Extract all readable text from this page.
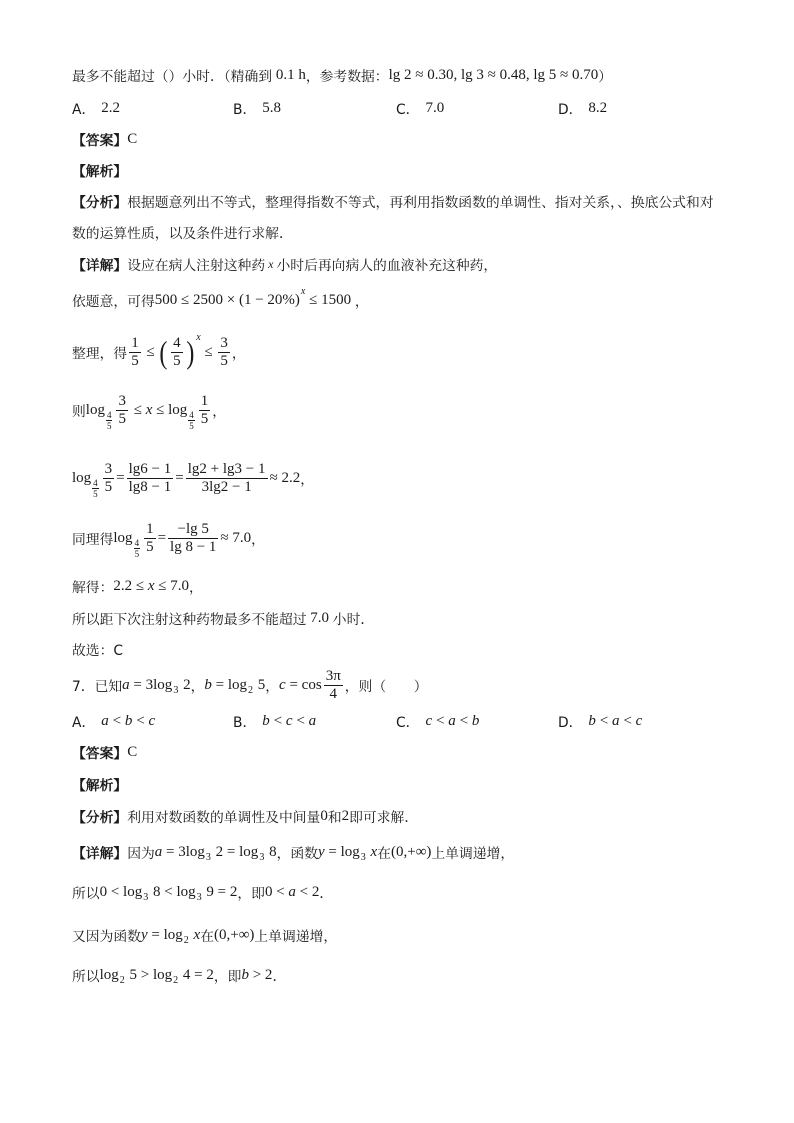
最多不能超过（）小时．（精确到 0.1 h ，参考数据： lg 2 ≈ 0.30, lg 3 ≈ 0.48, lg 5 ≈ 0.70 ）
A． 2.2	B． 5.8	C． 7.0	D． 8.2
【答案】 C
【解析】
【分析】 根据题意列出不等式，整理得指数不等式，再利用指数函数的单调性、指对关系，、换底公式和对
数的运算性质，以及条件进行求解．
【详解】 设应在病人注射这种药 x 小时后再向病人的血液补充这种药，
依题意，可得 500 ≤ 2500 × (1 − 20%)
x
≤ 1500 ，
整理，得 $\frac{1}{5}$ ≤ ( $\frac{4}{5}$ ) x
≤ $\frac{3}{5}$ ，
则 $\log \frac{4}{5} \frac{3}{5} \le x \le \log \frac{4}{5} \frac{1}{5}$ ，
$\log \frac{4}{5} \frac{3}{5} = \frac{\lg 6 - 1}{\lg 8 - 1} = \frac{\lg 2 + \lg 3 - 1}{3\lg 2 - 1} \approx 2.2$ ，
同理得 $\log \frac{4}{5} \frac{1}{5} = \frac{-\lg 5}{\lg 8 - 1} \approx 7.0$ ，
解得： 2.2 ≤ x ≤ 7.0 ，
所以距下次注射这种药物最多不能超过 7.0 小时．
故选：C
7．已知 a = 3log 3 2 ， b = log 2 5 ， $c = \cos \frac{3\pi}{4}$ ，则（　　）
A． a<b<c	B． b<c<a	C． c<a<b	D． b<a<c
【答案】 C
【解析】
【分析】 利用对数函数的单调性及中间量 0 和 2 即可求解．
【详解】 因为 a = 3log 3 2 = log 3 8 ，函数 y = log 3 x 在 (0,+∞) 上单调递增，
所以 0 < log 3 8 < log 3 9 = 2 ，即 0 < a < 2 ．
又因为函数 y = log 2 x 在 (0,+∞) 上单调递增，
所以 log 2 5 > log 2 4 = 2 ，即 b > 2 ．
